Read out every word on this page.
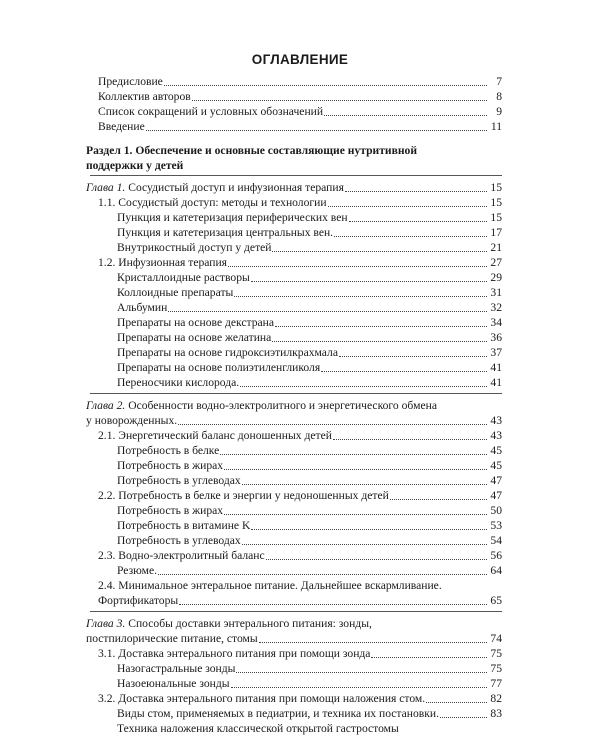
ОГЛАВЛЕНИЕ
Предисловие	7
Коллектив авторов	8
Список сокращений и условных обозначений	9
Введение	11
Раздел 1. Обеспечение и основные составляющие нутритивной
поддержки у детей
Глава 1. Сосудистый доступ и инфузионная терапия	15
1.1. Сосудистый доступ: методы и технологии	15
Пункция и катетеризация периферических вен	15
Пункция и катетеризация центральных вен.	17
Внутрикостный доступ у детей	21
1.2. Инфузионная терапия	27
Кристаллоидные растворы	29
Коллоидные препараты	31
Альбумин	32
Препараты на основе декстрана	34
Препараты на основе желатина	36
Препараты на основе гидроксиэтилкрахмала	37
Препараты на основе полиэтиленгликоля	41
Переносчики кислорода.	41
Глава 2. Особенности водно-электролитного и энергетического обмена
у новорожденных.	43
2.1. Энергетический баланс доношенных детей	43
Потребность в белке	45
Потребность в жирах	45
Потребность в углеводах	47
2.2. Потребность в белке и энергии у недоношенных детей	47
Потребность в жирах	50
Потребность в витамине K	53
Потребность в углеводах	54
2.3. Водно-электролитный баланс	56
Резюме.	64
2.4. Минимальное энтеральное питание. Дальнейшее вскармливание.
Фортификаторы	65
Глава 3. Способы доставки энтерального питания: зонды,
постпилорические питание, стомы	74
3.1. Доставка энтерального питания при помощи зонда	75
Назогастральные зонды	75
Назоеюнальные зонды	77
3.2. Доставка энтерального питания при помощи наложения стом.	82
Виды стом, применяемых в педиатрии, и техника их постановки.	83
Техника наложения классической открытой гастростомы
